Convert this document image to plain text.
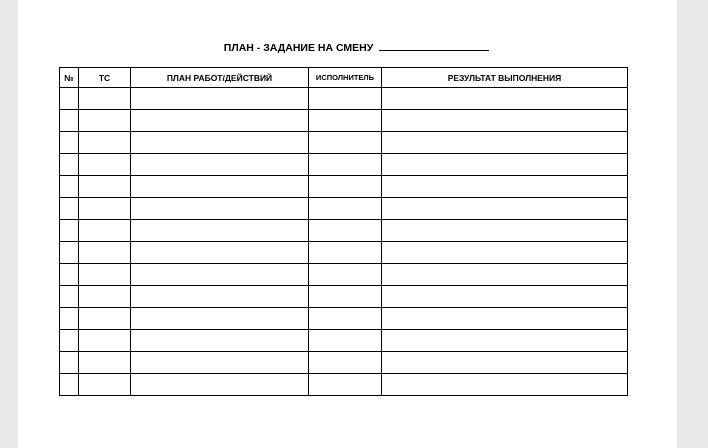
ПЛАН - ЗАДАНИЕ НА СМЕНУ
№	ТС	ПЛАН РАБОТ/ДЕЙСТВИЙ	ИСПОЛНИТЕЛЬ	РЕЗУЛЬТАТ ВЫПОЛНЕНИЯ
